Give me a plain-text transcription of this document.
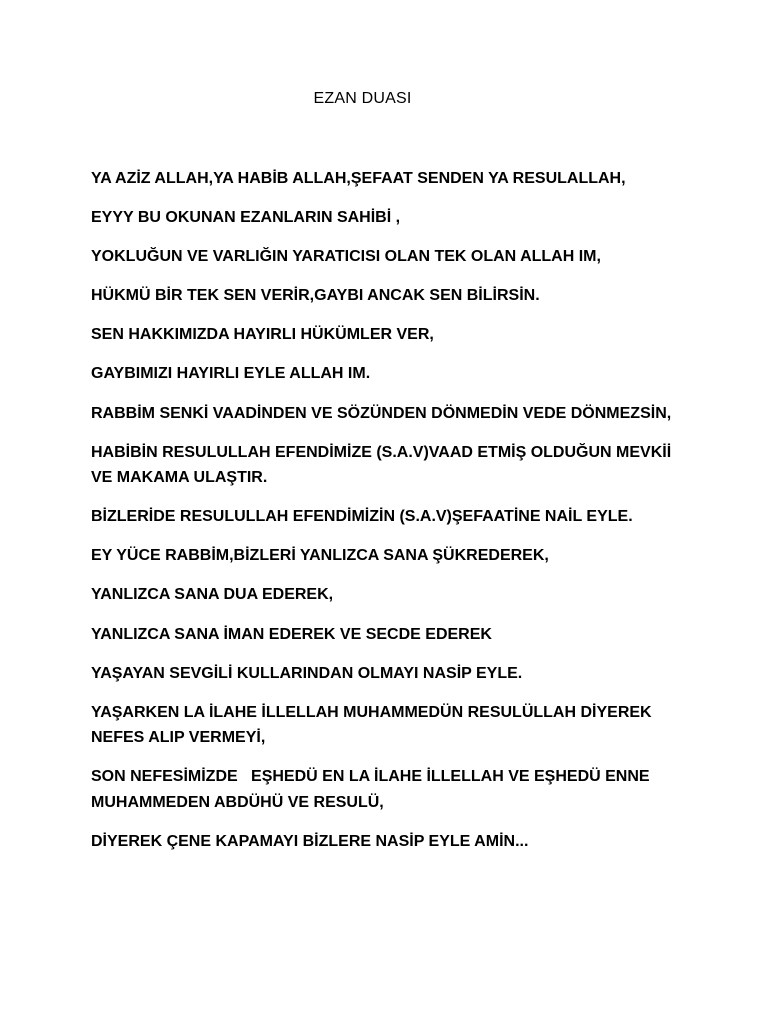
EZAN DUASI

YA AZİZ ALLAH,YA HABİB ALLAH,ŞEFAAT SENDEN YA RESULALLAH,

EYYY BU OKUNAN EZANLARIN SAHİBİ ,

YOKLUĞUN VE VARLIĞIN YARATICISI OLAN TEK OLAN ALLAH IM,

HÜKMÜ BİR TEK SEN VERİR,GAYBI ANCAK SEN BİLİRSİN.

SEN HAKKIMIZDA HAYIRLI HÜKÜMLER VER,

GAYBIMIZI HAYIRLI EYLE ALLAH IM.

RABBİM SENKİ VAADİNDEN VE SÖZÜNDEN DÖNMEDİN VEDE DÖNMEZSİN,

HABİBİN RESULULLAH EFENDİMİZE (S.A.V)VAAD ETMİŞ OLDUĞUN MEVKİİ VE MAKAMA ULAŞTIR.

BİZLERİDE RESULULLAH EFENDİMİZİN (S.A.V)ŞEFAATİNE NAİL EYLE.

EY YÜCE RABBİM,BİZLERİ YANLIZCA SANA ŞÜKREDEREK,

YANLIZCA SANA DUA EDEREK,

YANLIZCA SANA İMAN EDEREK VE SECDE EDEREK

YAŞAYAN SEVGİLİ KULLARINDAN OLMAYI NASİP EYLE.

YAŞARKEN LA İLAHE İLLELLAH MUHAMMEDÜN RESULÜLLAH DİYEREK NEFES ALIP VERMEYİ,

SON NEFESİMİZDE   EŞHEDÜ EN LA İLAHE İLLELLAH VE EŞHEDÜ ENNE MUHAMMEDEN ABDÜHÜ VE RESULÜ,

DİYEREK ÇENE KAPAMAYI BİZLERE NASİP EYLE AMİN...
